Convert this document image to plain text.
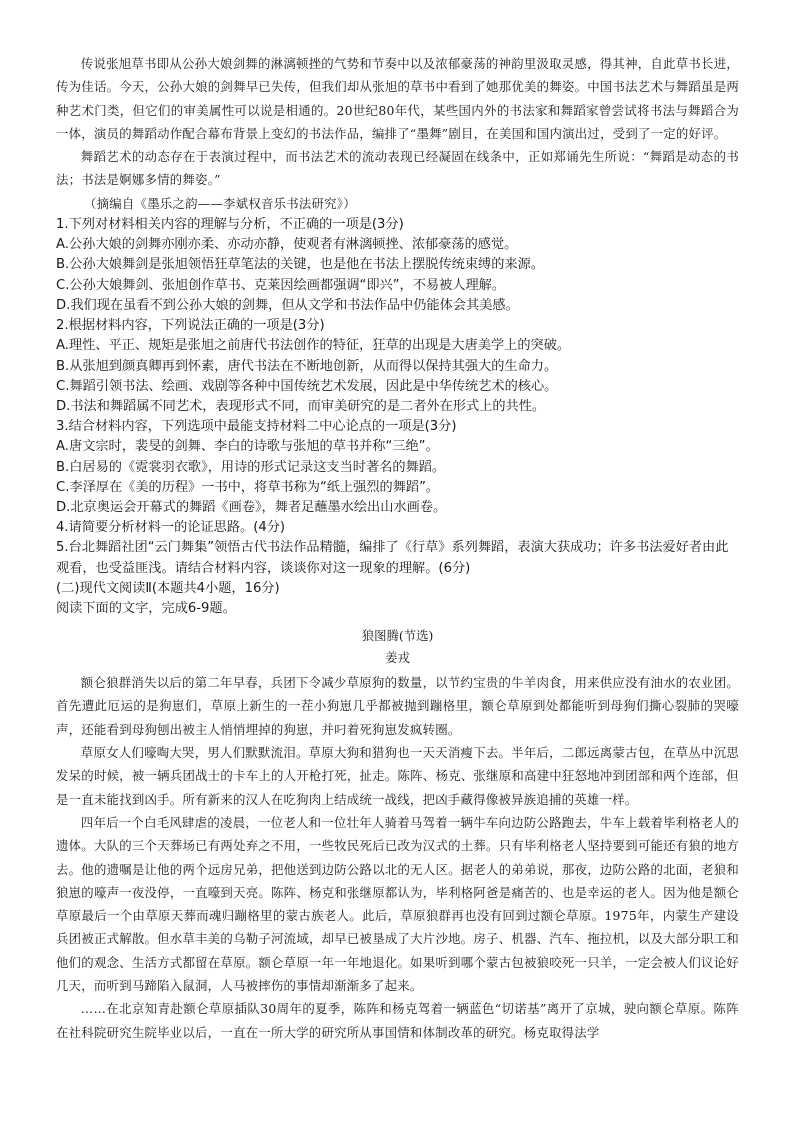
传说张旭草书即从公孙大娘剑舞的淋漓顿挫的气势和节奏中以及浓郁豪荡的神韵里汲取灵感，得其神，自此草书长进，传为佳话。今天，公孙大娘的剑舞早已失传，但我们却从张旭的草书中看到了她那优美的舞姿。中国书法艺术与舞蹈虽是两种艺术门类，但它们的审美属性可以说是相通的。20世纪80年代，某些国内外的书法家和舞蹈家曾尝试将书法与舞蹈合为一体，演员的舞蹈动作配合幕布背景上变幻的书法作品，编排了“墨舞”剧目，在美国和国内演出过，受到了一定的好评。

舞蹈艺术的动态存在于表演过程中，而书法艺术的流动表现已经凝固在线条中，正如郑诵先生所说：“舞蹈是动态的书法；书法是婀娜多情的舞姿。”

（摘编自《墨乐之韵——李斌权音乐书法研究》）

1.下列对材料相关内容的理解与分析，不正确的一项是(3分)

A.公孙大娘的剑舞亦刚亦柔、亦动亦静，使观者有淋漓顿挫、浓郁豪荡的感觉。

B.公孙大娘舞剑是张旭领悟狂草笔法的关键，也是他在书法上摆脱传统束缚的来源。

C.公孙大娘舞剑、张旭创作草书、克莱因绘画都强调“即兴”，不易被人理解。

D.我们现在虽看不到公孙大娘的剑舞，但从文学和书法作品中仍能体会其美感。

2.根据材料内容，下列说法正确的一项是(3分)

A.理性、平正、规矩是张旭之前唐代书法创作的特征，狂草的出现是大唐美学上的突破。

B.从张旭到颜真卿再到怀素，唐代书法在不断地创新，从而得以保持其强大的生命力。

C.舞蹈引领书法、绘画、戏剧等各种中国传统艺术发展，因此是中华传统艺术的核心。

D.书法和舞蹈属不同艺术，表现形式不同，而审美研究的是二者外在形式上的共性。

3.结合材料内容，下列选项中最能支持材料二中心论点的一项是(3分)

A.唐文宗时，裴旻的剑舞、李白的诗歌与张旭的草书并称“三绝”。

B.白居易的《霓裳羽衣歌》，用诗的形式记录这支当时著名的舞蹈。

C.李泽厚在《美的历程》一书中，将草书称为“纸上强烈的舞蹈”。

D.北京奥运会开幕式的舞蹈《画卷》，舞者足蘸墨水绘出山水画卷。

4.请简要分析材料一的论证思路。(4分)

5.台北舞蹈社团“云门舞集”领悟古代书法作品精髓，编排了《行草》系列舞蹈，表演大获成功；许多书法爱好者由此观看，也受益匪浅。请结合材料内容，谈谈你对这一现象的理解。(6分)

(二)现代文阅读Ⅱ(本题共4小题，16分)

阅读下面的文字，完成6-9题。

狼图腾(节选)

姜戎

额仑狼群消失以后的第二年早春，兵团下令减少草原狗的数量，以节约宝贵的牛羊肉食，用来供应没有油水的农业团。首先遭此厄运的是狗崽们，草原上新生的一茬小狗崽几乎都被抛到蹦格里，额仑草原到处都能听到母狗们撕心裂肺的哭嚎声，还能看到母狗刨出被主人悄悄埋掉的狗崽，并叼着死狗崽发疯转圈。

草原女人们嚎啕大哭，男人们默默流泪。草原大狗和猎狗也一天天消瘦下去。半年后，二郎远离蒙古包，在草丛中沉思发呆的时候，被一辆兵团战士的卡车上的人开枪打死，扯走。陈阵、杨克、张继原和高建中狂怒地冲到团部和两个连部，但是一直未能找到凶手。所有新来的汉人在吃狗肉上结成统一战线，把凶手藏得像被异族追捕的英雄一样。

四年后一个白毛风肆虐的凌晨，一位老人和一位壮年人骑着马驾着一辆牛车向边防公路跑去，牛车上载着毕利格老人的遗体。大队的三个天葬场已有两处弃之不用，一些牧民死后已改为汉式的土葬。只有毕利格老人坚持要到可能还有狼的地方去。他的遗嘱是让他的两个远房兄弟，把他送到边防公路以北的无人区。据老人的弟弟说，那夜，边防公路的北面，老狼和狼崽的嚎声一夜没停，一直嚎到天亮。陈阵、杨克和张继原都认为，毕利格阿爸是痛苦的、也是幸运的老人。因为他是额仑草原最后一个由草原天葬而魂归蹦格里的蒙古族老人。此后，草原狼群再也没有回到过额仑草原。1975年，内蒙生产建设兵团被正式解散。但水草丰美的乌勒子河流域，却早已被垦成了大片沙地。房子、机器、汽车、拖拉机，以及大部分职工和他们的观念、生活方式都留在草原。额仑草原一年一年地退化。如果听到哪个蒙古包被狼咬死一只羊，一定会被人们议论好几天，而听到马蹄陷入鼠洞，人马被摔伤的事情却渐渐多了起来。

……在北京知青赴额仑草原插队30周年的夏季，陈阵和杨克驾着一辆蓝色“切诺基”离开了京城，驶向额仑草原。陈阵在社科院研究生院毕业以后，一直在一所大学的研究所从事国情和体制改革的研究。杨克取得法学
